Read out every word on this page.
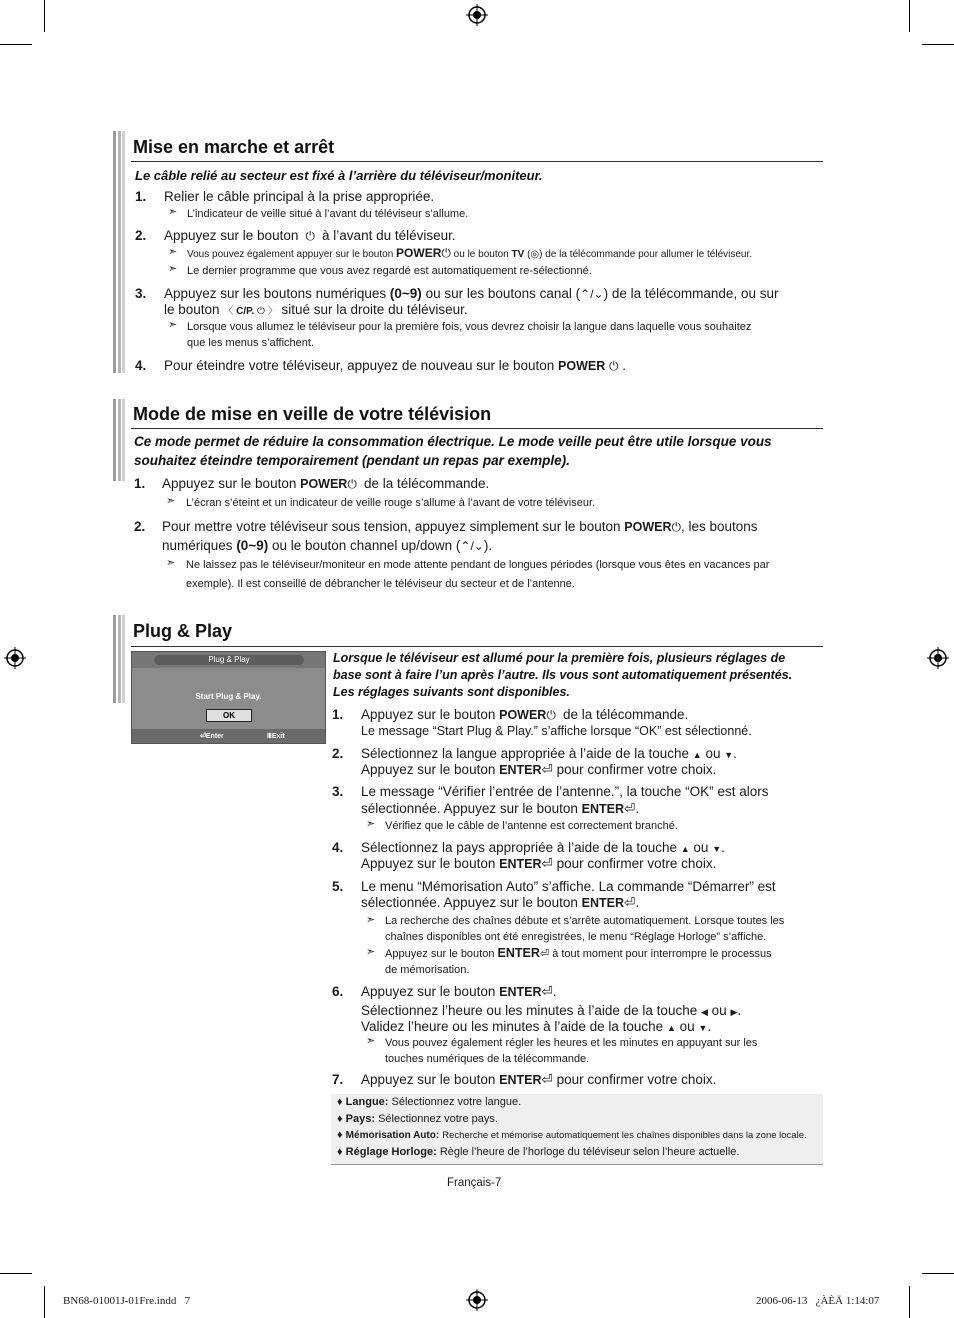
Mise en marche et arrêt
Le câble relié au secteur est fixé à l’arrière du téléviseur/moniteur.
1. Relier le câble principal à la prise appropriée.
➣ L’indicateur de veille situé à l’avant du téléviseur s’allume.
2. Appuyez sur le bouton  ⏻  à l’avant du téléviseur.
➣ Vous pouvez également appuyer sur le bouton POWER⏻ ou le bouton TV (◎) de la télécommande pour allumer le téléviseur.
➣ Le dernier programme que vous avez regardé est automatiquement re-sélectionné.
3. Appuyez sur les boutons numériques (0~9) ou sur les boutons canal (⌃/⌄) de la télécommande, ou sur
le bouton 〈 C/P. ⏻ 〉 situé sur la droite du téléviseur.
➣ Lorsque vous allumez le téléviseur pour la première fois, vous devrez choisir la langue dans laquelle vous souhaitez
que les menus s’affichent.
4. Pour éteindre votre téléviseur, appuyez de nouveau sur le bouton POWER ⏻ .
Mode de mise en veille de votre télévision
Ce mode permet de réduire la consommation électrique. Le mode veille peut être utile lorsque vous
souhaitez éteindre temporairement (pendant un repas par exemple).
1. Appuyez sur le bouton POWER⏻  de la télécommande.
➣ L’écran s’éteint et un indicateur de veille rouge s’allume à l’avant de votre téléviseur.
2. Pour mettre votre téléviseur sous tension, appuyez simplement sur le bouton POWER⏻, les boutons
numériques (0~9) ou le bouton channel up/down (⌃/⌄).
➣ Ne laissez pas le téléviseur/moniteur en mode attente pendant de longues périodes (lorsque vous êtes en vacances par
exemple). Il est conseillé de débrancher le téléviseur du secteur et de l’antenne.
Plug & Play
Plug & Play
Start Plug & Play.
OK
⏎Enter	ⅢExit
Lorsque le téléviseur est allumé pour la première fois, plusieurs réglages de
base sont à faire l’un après l’autre. Ils vous sont automatiquement présentés.
Les réglages suivants sont disponibles.
1. Appuyez sur le bouton POWER⏻  de la télécommande.
Le message “Start Plug & Play.” s’affiche lorsque “OK” est sélectionné.
2. Sélectionnez la langue appropriée à l’aide de la touche ▲ ou ▼.
Appuyez sur le bouton ENTER⏎ pour confirmer votre choix.
3. Le message “Vérifier l’entrée de l’antenne.”, la touche “OK” est alors
sélectionnée. Appuyez sur le bouton ENTER⏎.
➣ Vérifiez que le câble de l’antenne est correctement branché.
4. Sélectionnez la pays appropriée à l’aide de la touche ▲ ou ▼.
Appuyez sur le bouton ENTER⏎ pour confirmer votre choix.
5. Le menu “Mémorisation Auto” s’affiche. La commande “Démarrer” est
sélectionnée. Appuyez sur le bouton ENTER⏎.
➣ La recherche des chaînes débute et s’arrête automatiquement. Lorsque toutes les
chaînes disponibles ont été enregistrées, le menu “Réglage Horloge” s’affiche.
➣ Appuyez sur le bouton ENTER⏎ à tout moment pour interrompre le processus
de mémorisation.
6. Appuyez sur le bouton ENTER⏎.
Sélectionnez l’heure ou les minutes à l’aide de la touche ◀ ou ▶.
Validez l’heure ou les minutes à l’aide de la touche ▲ ou ▼.
➣ Vous pouvez également régler les heures et les minutes en appuyant sur les
touches numériques de la télécommande.
7. Appuyez sur le bouton ENTER⏎ pour confirmer votre choix.
♦ Langue: Sélectionnez votre langue.
♦ Pays: Sélectionnez votre pays.
♦ Mémorisation Auto: Recherche et mémorise automatiquement les chaînes disponibles dans la zone locale.
♦ Réglage Horloge: Règle l’heure de l’horloge du téléviseur selon l’heure actuelle.
Français-7
BN68-01001J-01Fre.indd   7	2006-06-13   ¿ÀÈÄ 1:14:07
